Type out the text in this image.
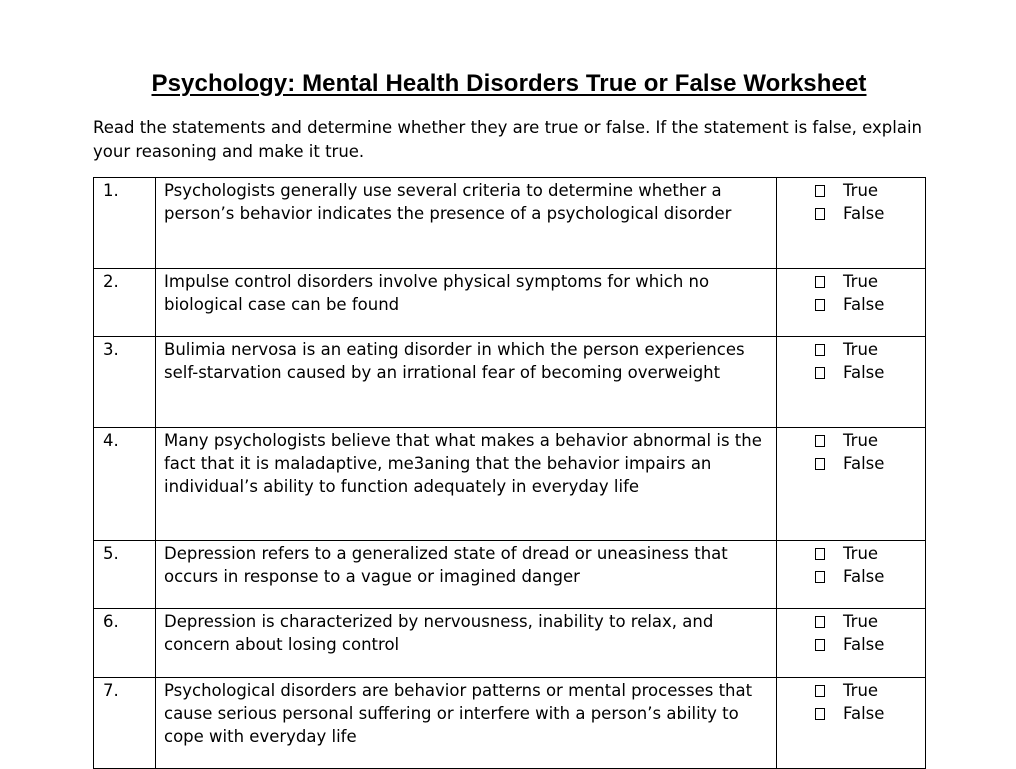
Psychology: Mental Health Disorders True or False Worksheet
Read the statements and determine whether they are true or false. If the statement is false, explain your reasoning and make it true.
1.	Psychologists generally use several criteria to determine whether a person’s behavior indicates the presence of a psychological disorder	True
False

2.	Impulse control disorders involve physical symptoms for which no biological case can be found	True
False

3.	Bulimia nervosa is an eating disorder in which the person experiences self-starvation caused by an irrational fear of becoming overweight	True
False

4.	Many psychologists believe that what makes a behavior abnormal is the fact that it is maladaptive, me3aning that the behavior impairs an individual’s ability to function adequately in everyday life	True
False

5.	Depression refers to a generalized state of dread or uneasiness that occurs in response to a vague or imagined danger	True
False

6.	Depression is characterized by nervousness, inability to relax, and concern about losing control	True
False

7.	Psychological disorders are behavior patterns or mental processes that cause serious personal suffering or interfere with a person’s ability to cope with everyday life	True
False
